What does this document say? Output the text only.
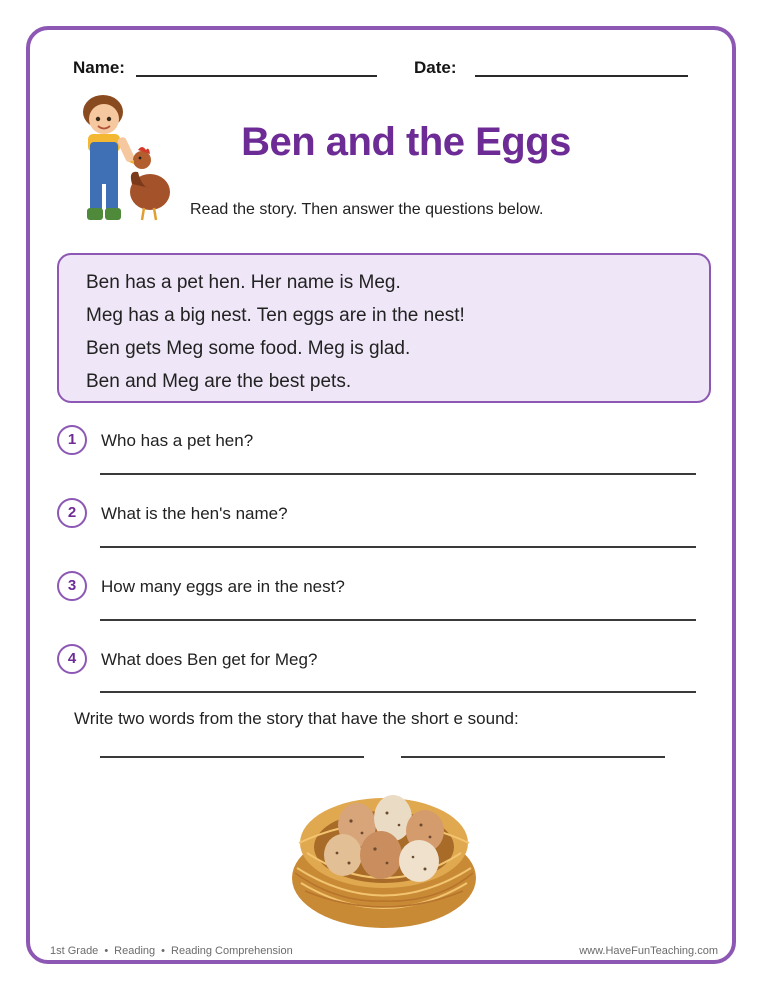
Name:	Date:
Ben and the Eggs
Read the story. Then answer the questions below.

Ben has a pet hen. Her name is Meg.

Meg has a big nest. Ten eggs are in the nest!

Ben gets Meg some food. Meg is glad.

Ben and Meg are the best pets.

1	Who has a pet hen?
2	What is the hen's name?
3	How many eggs are in the nest?
4	What does Ben get for Meg?
Write two words from the story that have the short e sound:
1st Grade • Reading • Reading Comprehension	www.HaveFunTeaching.com
